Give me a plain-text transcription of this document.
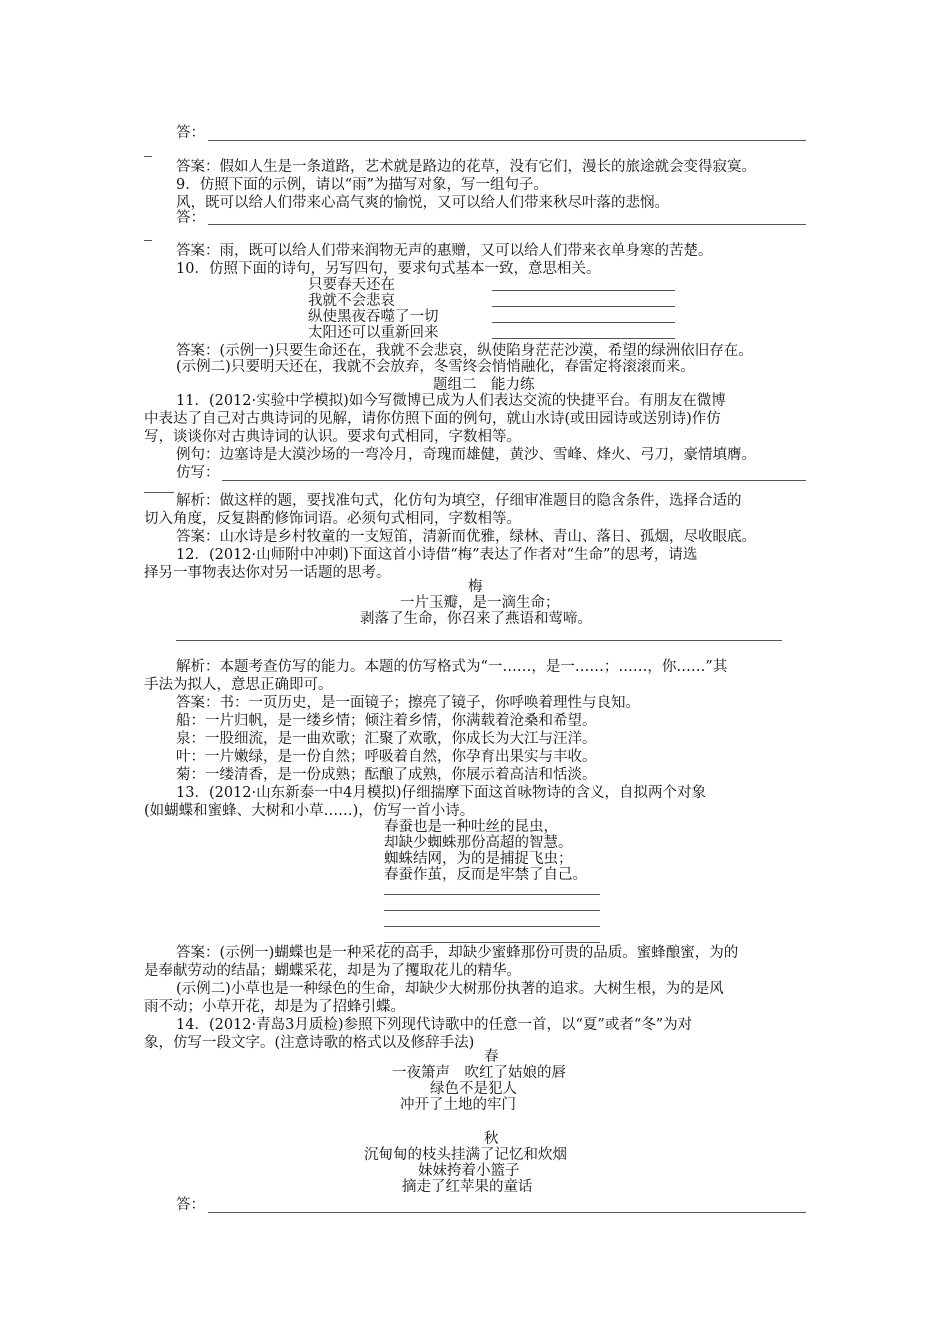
答：
答案：假如人生是一条道路，艺术就是路边的花草，没有它们，漫长的旅途就会变得寂寞。
9．仿照下面的示例，请以“雨”为描写对象，写一组句子。
风，既可以给人们带来心高气爽的愉悦，又可以给人们带来秋尽叶落的悲悯。
答：
答案：雨，既可以给人们带来润物无声的惠赠，又可以给人们带来衣单身寒的苦楚。
10．仿照下面的诗句，另写四句，要求句式基本一致，意思相关。
只要春天还在
我就不会悲哀
纵使黑夜吞噬了一切
太阳还可以重新回来
答案：(示例一)只要生命还在，我就不会悲哀，纵使陷身茫茫沙漠，希望的绿洲依旧存在。
(示例二)只要明天还在，我就不会放弃，冬雪终会悄悄融化，春雷定将滚滚而来。
题组二　能力练
11．(2012·实验中学模拟)如今写微博已成为人们表达交流的快捷平台。有朋友在微博
中表达了自己对古典诗词的见解，请你仿照下面的例句，就山水诗(或田园诗或送别诗)作仿
写，谈谈你对古典诗词的认识。要求句式相同，字数相等。
例句：边塞诗是大漠沙场的一弯冷月，奇瑰而雄健，黄沙、雪峰、烽火、弓刀，豪情填膺。
仿写：
解析：做这样的题，要找准句式，化仿句为填空，仔细审准题目的隐含条件，选择合适的
切入角度，反复斟酌修饰词语。必须句式相同，字数相等。
答案：山水诗是乡村牧童的一支短笛，清新而优雅，绿林、青山、落日、孤烟，尽收眼底。
12．(2012·山师附中冲刺)下面这首小诗借“梅”表达了作者对“生命”的思考，请选
择另一事物表达你对另一话题的思考。
梅
一片玉瓣，是一滴生命；
剥落了生命，你召来了燕语和莺啼。
解析：本题考查仿写的能力。本题的仿写格式为“一……，是一……；……，你……”其
手法为拟人，意思正确即可。
答案：书：一页历史，是一面镜子；擦亮了镜子，你呼唤着理性与良知。
船：一片归帆，是一缕乡情；倾注着乡情，你满载着沧桑和希望。
泉：一股细流，是一曲欢歌；汇聚了欢歌，你成长为大江与汪洋。
叶：一片嫩绿，是一份自然；呼吸着自然，你孕育出果实与丰收。
菊：一缕清香，是一份成熟；酝酿了成熟，你展示着高洁和恬淡。
13．(2012·山东新泰一中4月模拟)仔细揣摩下面这首咏物诗的含义，自拟两个对象
(如蝴蝶和蜜蜂、大树和小草……)，仿写一首小诗。
春蚕也是一种吐丝的昆虫，
却缺少蜘蛛那份高超的智慧。
蜘蛛结网，为的是捕捉飞虫；
春蚕作茧，反而是牢禁了自己。
答案：(示例一)蝴蝶也是一种采花的高手，却缺少蜜蜂那份可贵的品质。蜜蜂酿蜜，为的
是奉献劳动的结晶；蝴蝶采花，却是为了攫取花儿的精华。
(示例二)小草也是一种绿色的生命，却缺少大树那份执著的追求。大树生根，为的是风
雨不动；小草开花，却是为了招蜂引蝶。
14．(2012·青岛3月质检)参照下列现代诗歌中的任意一首，以“夏”或者“冬”为对
象，仿写一段文字。(注意诗歌的格式以及修辞手法)
春
一夜箫声　吹红了姑娘的唇
绿色不是犯人
冲开了土地的牢门
秋
沉甸甸的枝头挂满了记忆和炊烟
妹妹挎着小篮子
摘走了红苹果的童话
答：
